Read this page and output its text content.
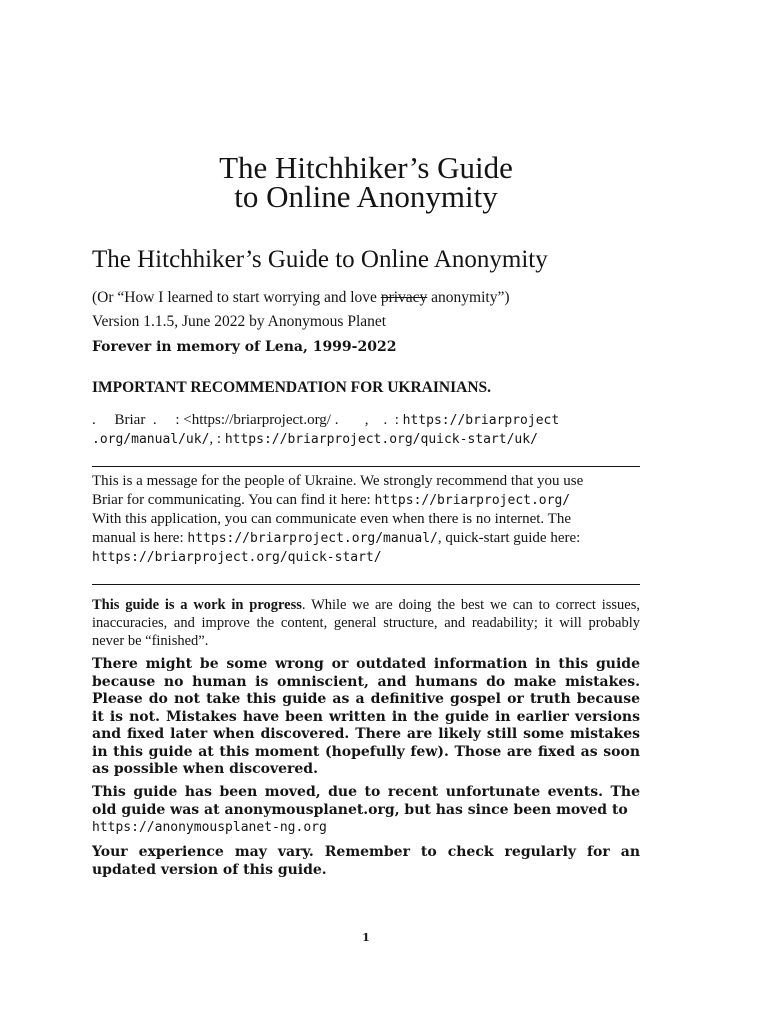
The Hitchhiker’s Guide
to Online Anonymity
The Hitchhiker’s Guide to Online Anonymity
(Or “How I learned to start worrying and love privacy anonymity”)
Version 1.1.5, June 2022 by Anonymous Planet
Forever in memory of Lena, 1999-2022
IMPORTANT RECOMMENDATION FOR UKRAINIANS.
.     Briar  .     : <https://briarproject.org/ .       ,    .  : https://briarproject
.org/manual/uk/, : https://briarproject.org/quick-start/uk/
This is a message for the people of Ukraine. We strongly recommend that you use
Briar for communicating. You can find it here: https://briarproject.org/
With this application, you can communicate even when there is no internet. The
manual is here: https://briarproject.org/manual/, quick-start guide here:
https://briarproject.org/quick-start/
This guide is a work in progress. While we are doing the best we can to correct issues, inaccuracies, and improve the content, general structure, and readability; it will probably never be “finished”.
There might be some wrong or outdated information in this guide because no human is omniscient, and humans do make mistakes. Please do not take this guide as a definitive gospel or truth because it is not. Mistakes have been written in the guide in earlier versions and fixed later when discovered. There are likely still some mistakes in this guide at this moment (hopefully few). Those are fixed as soon as possible when discovered.
This guide has been moved, due to recent unfortunate events. The old guide was at anonymousplanet.org, but has since been moved to
https://anonymousplanet-ng.org
Your experience may vary. Remember to check regularly for an updated version of this guide.
1
